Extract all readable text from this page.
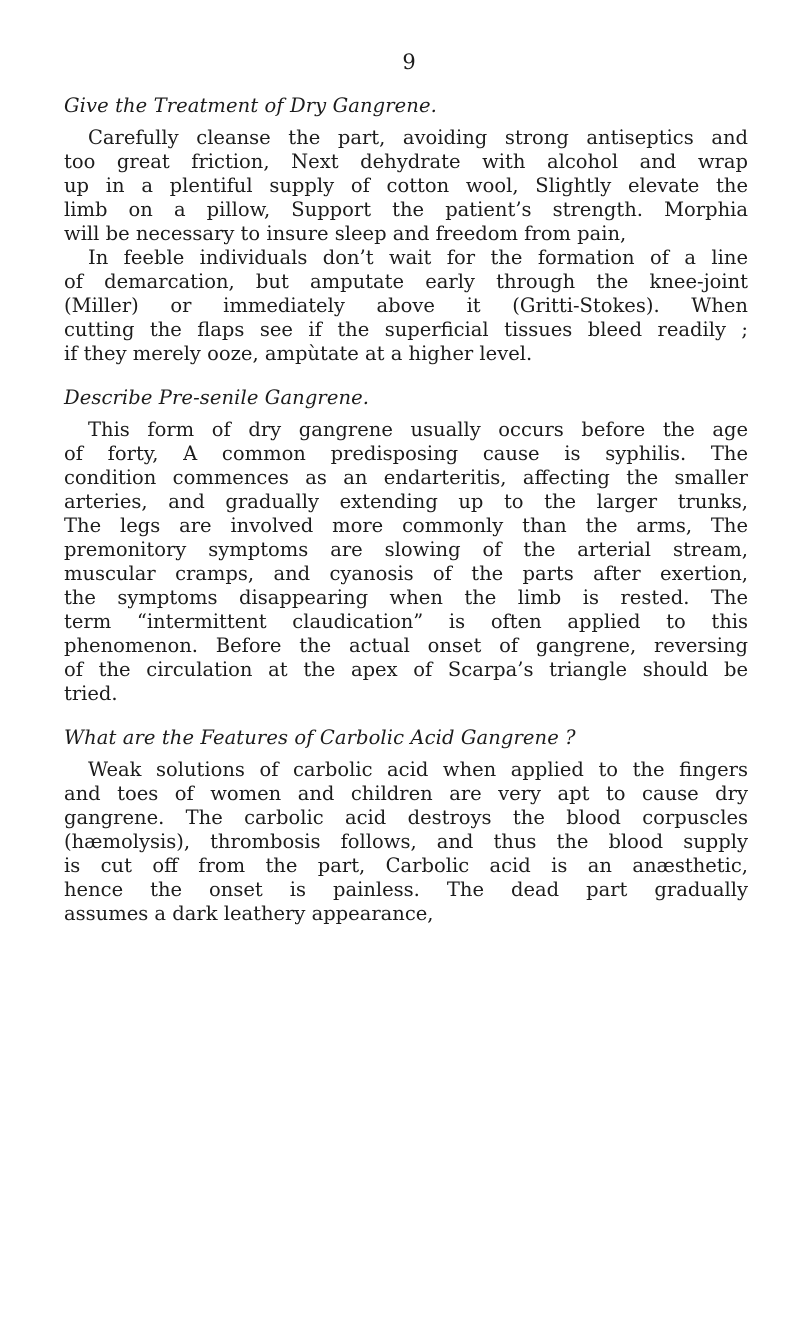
9
Give the Treatment of Dry Gangrene.
Carefully cleanse the part, avoiding strong antiseptics and
too great friction, Next dehydrate with alcohol and wrap
up in a plentiful supply of cotton wool, Slightly elevate the
limb on a pillow, Support the patient’s strength. Morphia
will be necessary to insure sleep and freedom from pain,
In feeble individuals don’t wait for the formation of a line
of demarcation, but amputate early through the knee-joint
(Miller) or immediately above it (Gritti-Stokes). When
cutting the flaps see if the superficial tissues bleed readily ;
if they merely ooze, ampùtate at a higher level.
Describe Pre-senile Gangrene.
This form of dry gangrene usually occurs before the age
of forty, A common predisposing cause is syphilis. The
condition commences as an endarteritis, affecting the smaller
arteries, and gradually extending up to the larger trunks,
The legs are involved more commonly than the arms, The
premonitory symptoms are slowing of the arterial stream,
muscular cramps, and cyanosis of the parts after exertion,
the symptoms disappearing when the limb is rested. The
term “intermittent claudication” is often applied to this
phenomenon. Before the actual onset of gangrene, reversing
of the circulation at the apex of Scarpa’s triangle should be
tried.
What are the Features of Carbolic Acid Gangrene ?
Weak solutions of carbolic acid when applied to the fingers
and toes of women and children are very apt to cause dry
gangrene. The carbolic acid destroys the blood corpuscles
(hæmolysis), thrombosis follows, and thus the blood supply
is cut off from the part, Carbolic acid is an anæsthetic,
hence the onset is painless. The dead part gradually
assumes a dark leathery appearance,
